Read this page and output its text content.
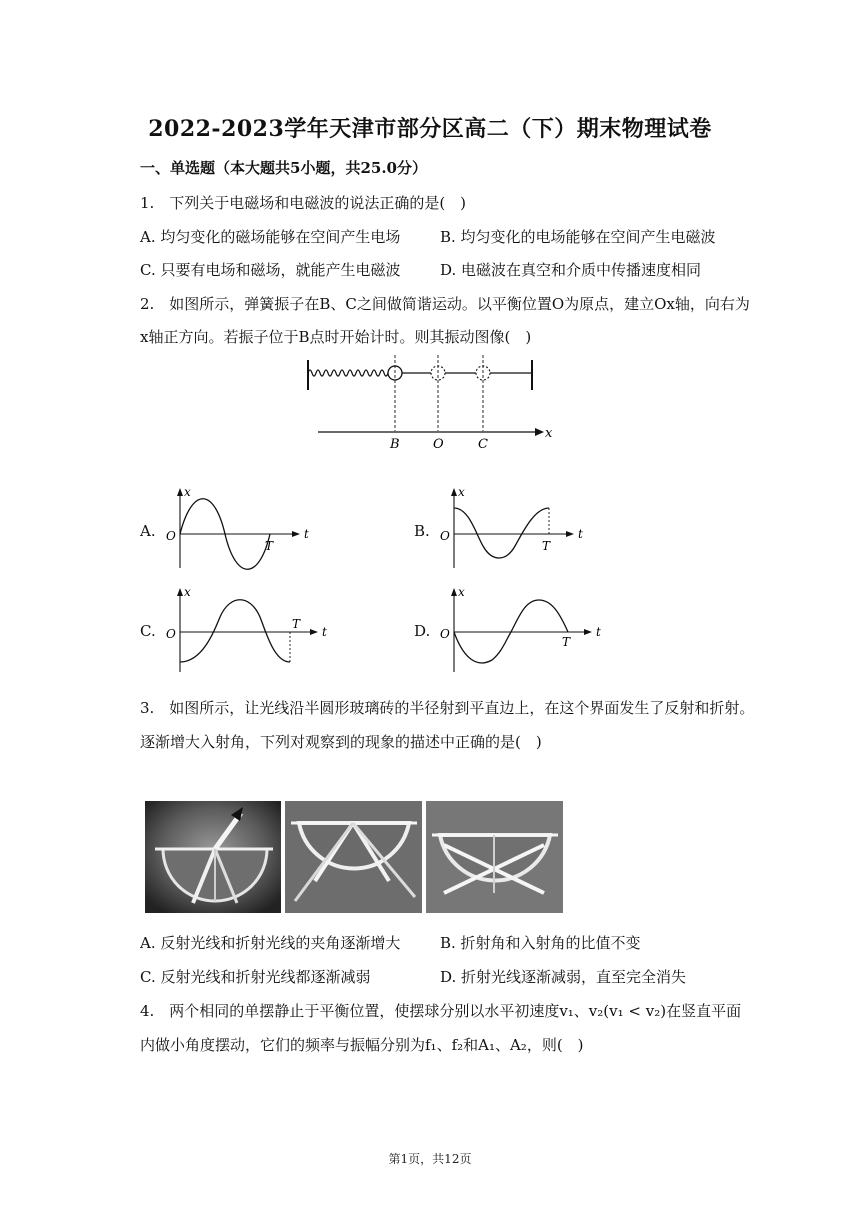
2022-2023学年天津市部分区高二（下）期末物理试卷
一、单选题（本大题共5小题，共25.0分）
1.　下列关于电磁场和电磁波的说法正确的是(　)
A. 均匀变化的磁场能够在空间产生电场	B. 均匀变化的电场能够在空间产生电磁波
C. 只要有电场和磁场，就能产生电磁波	D. 电磁波在真空和介质中传播速度相同
2.　如图所示，弹簧振子在B、C之间做简谐运动。以平衡位置O为原点，建立Ox轴，向右为
x轴正方向。若振子位于B点时开始计时。则其振动图像(　)
B	O	C
x
A.	B.
C.	D.
x
t
O
T
x
t
O
T
x
t
O
T
x
t
O
T
3.　如图所示，让光线沿半圆形玻璃砖的半径射到平直边上，在这个界面发生了反射和折射。
逐渐增大入射角，下列对观察到的现象的描述中正确的是(　)
A. 反射光线和折射光线的夹角逐渐增大	B. 折射角和入射角的比值不变
C. 反射光线和折射光线都逐渐减弱	D. 折射光线逐渐减弱，直至完全消失
4.　两个相同的单摆静止于平衡位置，使摆球分别以水平初速度v₁、v₂(v₁ < v₂)在竖直平面
内做小角度摆动，它们的频率与振幅分别为f₁、f₂和A₁、A₂，则(　)
第1页，共12页
